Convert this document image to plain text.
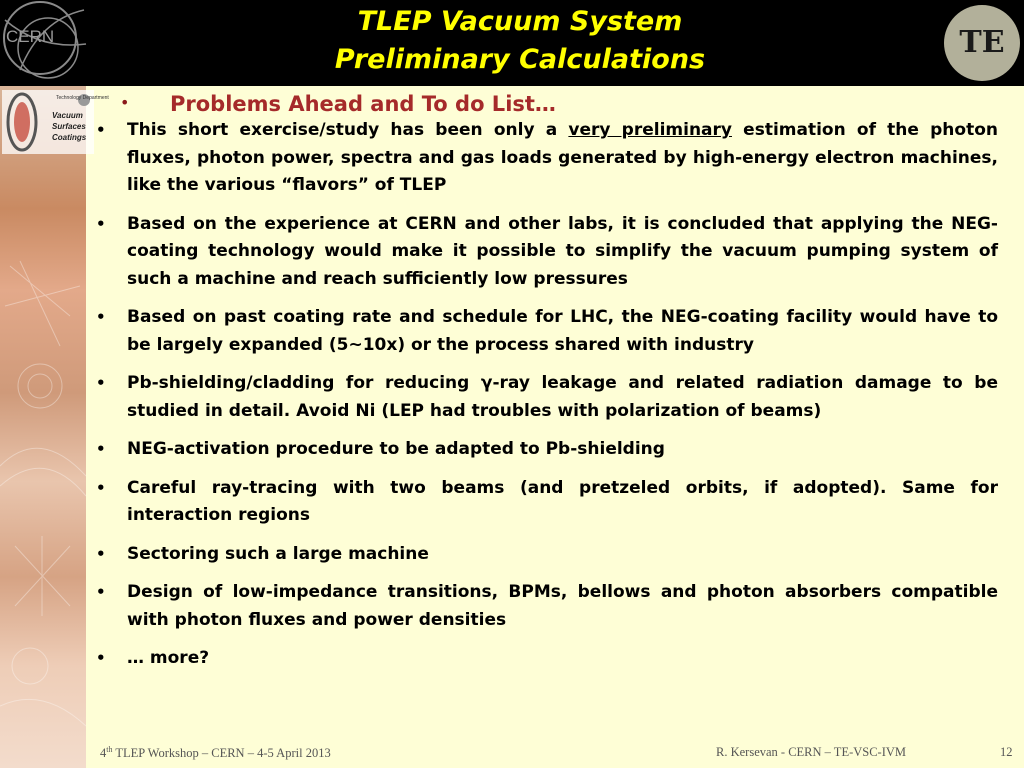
CERN	TLEP Vacuum System
Preliminary Calculations	TE
Technology Department
Vacuum
Surfaces
Coatings
• Problems Ahead and To do List…
• This short exercise/study has been only a very preliminary estimation of the photon fluxes, photon power, spectra and gas loads generated by high-energy electron machines, like the various “flavors” of TLEP
• Based on the experience at CERN and other labs, it is concluded that applying the NEG-coating technology would make it possible to simplify the vacuum pumping system of such a machine and reach sufficiently low pressures
• Based on past coating rate and schedule for LHC, the NEG-coating facility would have to be largely expanded (5~10x) or the process shared with industry
• Pb-shielding/cladding for reducing γ-ray leakage and related radiation damage to be studied in detail. Avoid Ni (LEP had troubles with polarization of beams)
• NEG-activation procedure to be adapted to Pb-shielding
• Careful ray-tracing with two beams (and pretzeled orbits, if adopted). Same for interaction regions
• Sectoring such a large machine
• Design of low-impedance transitions, BPMs, bellows and photon absorbers compatible with photon fluxes and power densities
• … more?
4th TLEP Workshop – CERN – 4-5 April 2013	R. Kersevan - CERN – TE-VSC-IVM	12
